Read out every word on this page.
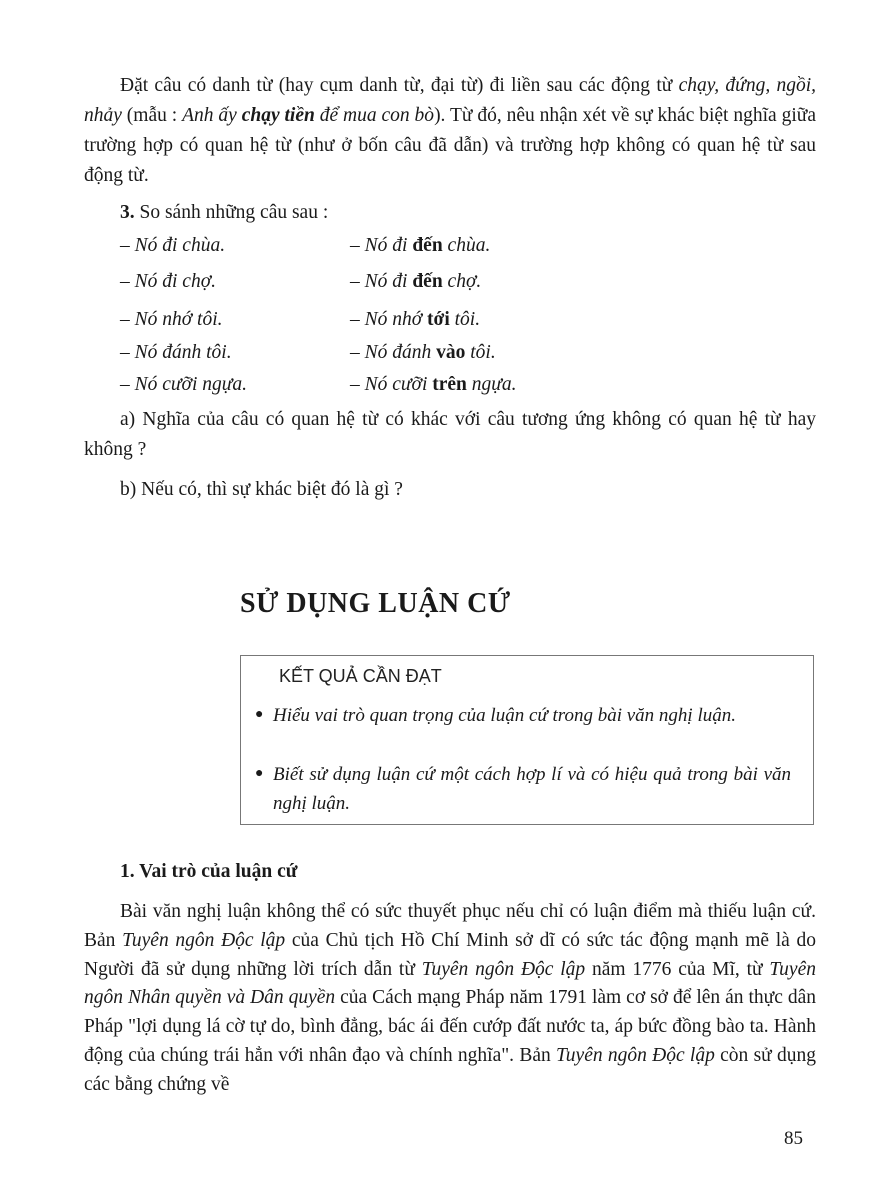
Đặt câu có danh từ (hay cụm danh từ, đại từ) đi liền sau các động từ chạy, đứng, ngồi, nhảy (mẫu : Anh ấy chạy tiền để mua con bò). Từ đó, nêu nhận xét về sự khác biệt nghĩa giữa trường hợp có quan hệ từ (như ở bốn câu đã dẫn) và trường hợp không có quan hệ từ sau động từ.

3. So sánh những câu sau :

– Nó đi chùa.	– Nó đi đến chùa.
– Nó đi chợ.	– Nó đi đến chợ.
– Nó nhớ tôi.	– Nó nhớ tới tôi.
– Nó đánh tôi.	– Nó đánh vào tôi.
– Nó cưỡi ngựa.	– Nó cưỡi trên ngựa.

a) Nghĩa của câu có quan hệ từ có khác với câu tương ứng không có quan hệ từ hay không ?

b) Nếu có, thì sự khác biệt đó là gì ?

SỬ DỤNG LUẬN CỨ
KẾT QUẢ CẦN ĐẠT
● Hiểu vai trò quan trọng của luận cứ trong bài văn nghị luận.
● Biết sử dụng luận cứ một cách hợp lí và có hiệu quả trong bài văn nghị luận.
1. Vai trò của luận cứ

Bài văn nghị luận không thể có sức thuyết phục nếu chỉ có luận điểm mà thiếu luận cứ. Bản Tuyên ngôn Độc lập của Chủ tịch Hồ Chí Minh sở dĩ có sức tác động mạnh mẽ là do Người đã sử dụng những lời trích dẫn từ Tuyên ngôn Độc lập năm 1776 của Mĩ, từ Tuyên ngôn Nhân quyền và Dân quyền của Cách mạng Pháp năm 1791 làm cơ sở để lên án thực dân Pháp "lợi dụng lá cờ tự do, bình đẳng, bác ái đến cướp đất nước ta, áp bức đồng bào ta. Hành động của chúng trái hẳn với nhân đạo và chính nghĩa". Bản Tuyên ngôn Độc lập còn sử dụng các bằng chứng về

85
